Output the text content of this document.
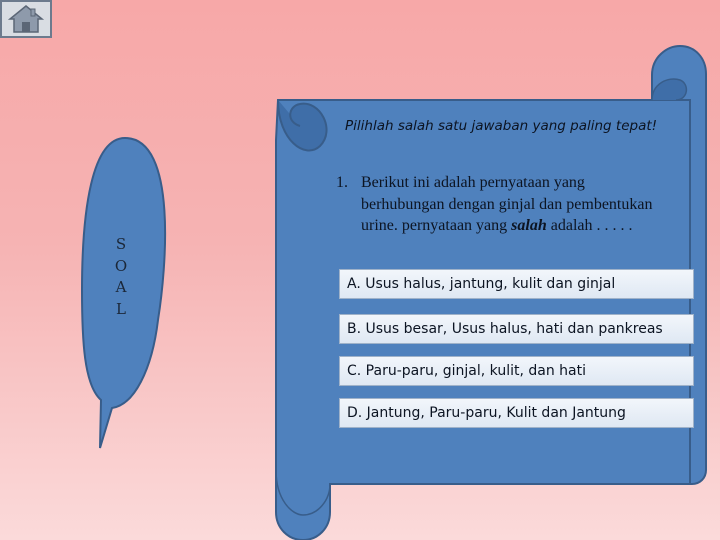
S
O
A
L
Pilihlah salah satu jawaban yang paling tepat!
1. Berikut ini adalah pernyataan yang berhubungan dengan ginjal dan pembentukan urine. pernyataan yang salah adalah . . . . .
A. Usus halus, jantung, kulit dan ginjal
B. Usus besar, Usus halus, hati dan pankreas
C. Paru-paru, ginjal, kulit, dan hati
D. Jantung, Paru-paru, Kulit dan Jantung
